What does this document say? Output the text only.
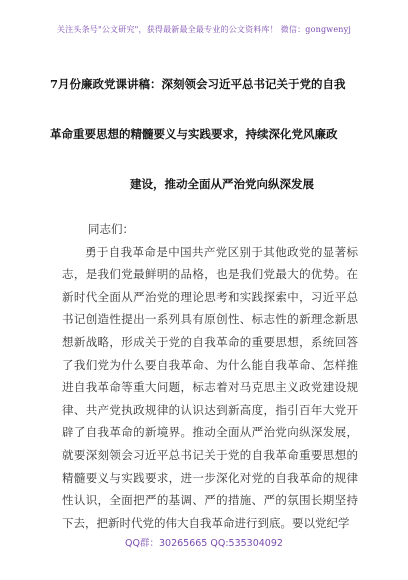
关注头条号"公文研究"，获得最新最全最专业的公文资料库！ 微信：gongwenyj
7月份廉政党课讲稿：深刻领会习近平总书记关于党的自我
革命重要思想的精髓要义与实践要求，持续深化党风廉政
建设，推动全面从严治党向纵深发展
同志们：

勇于自我革命是中国共产党区别于其他政党的显著标志，是我们党最鲜明的品格，也是我们党最大的优势。在新时代全面从严治党的理论思考和实践探索中，习近平总书记创造性提出一系列具有原创性、标志性的新理念新思想新战略，形成关于党的自我革命的重要思想，系统回答了我们党为什么要自我革命、为什么能自我革命、怎样推进自我革命等重大问题，标志着对马克思主义政党建设规律、共产党执政规律的认识达到新高度，指引百年大党开辟了自我革命的新境界。推动全面从严治党向纵深发展，就要深刻领会习近平总书记关于党的自我革命重要思想的精髓要义与实践要求，进一步深化对党的自我革命的规律性认识，全面把严的基调、严的措施、严的氛围长期坚持下去，把新时代党的伟大自我革命进行到底。要以党纪学

QQ群：30265665 QQ:535304092
